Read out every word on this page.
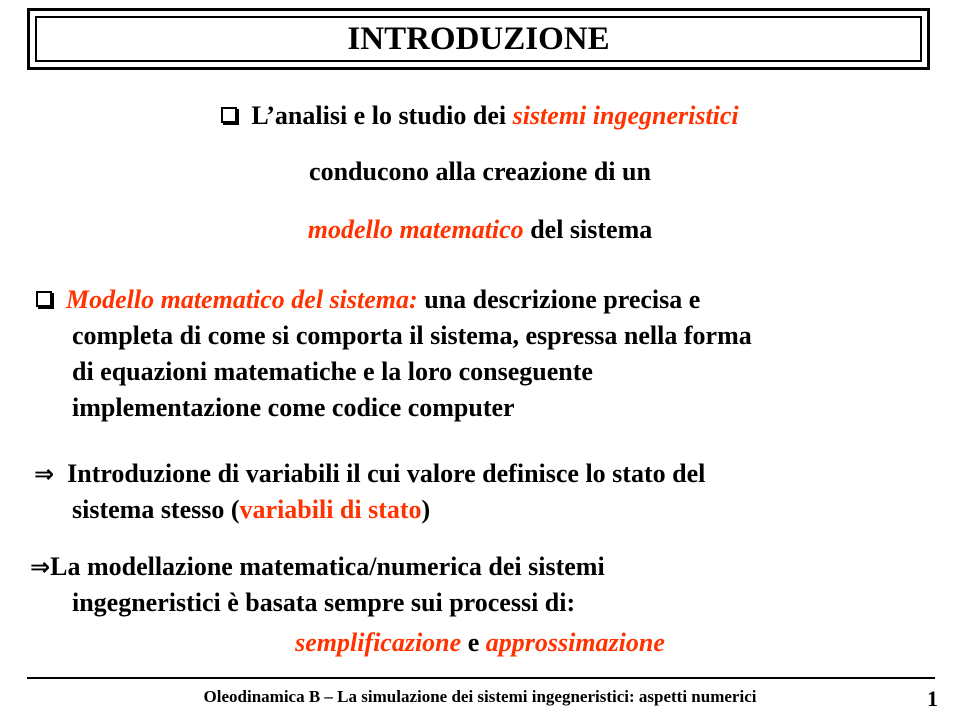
INTRODUZIONE
L’analisi e lo studio dei sistemi ingegneristici
conducono alla creazione di un
modello matematico del sistema
Modello matematico del sistema: una descrizione precisa e
completa di come si comporta il sistema, espressa nella forma
di equazioni matematiche e la loro conseguente
implementazione come codice computer
⇒ Introduzione di variabili il cui valore definisce lo stato del
sistema stesso (variabili di stato)
⇒La modellazione matematica/numerica dei sistemi
ingegneristici è basata sempre sui processi di:
semplificazione e approssimazione
Oleodinamica B – La simulazione dei sistemi ingegneristici: aspetti numerici	1
